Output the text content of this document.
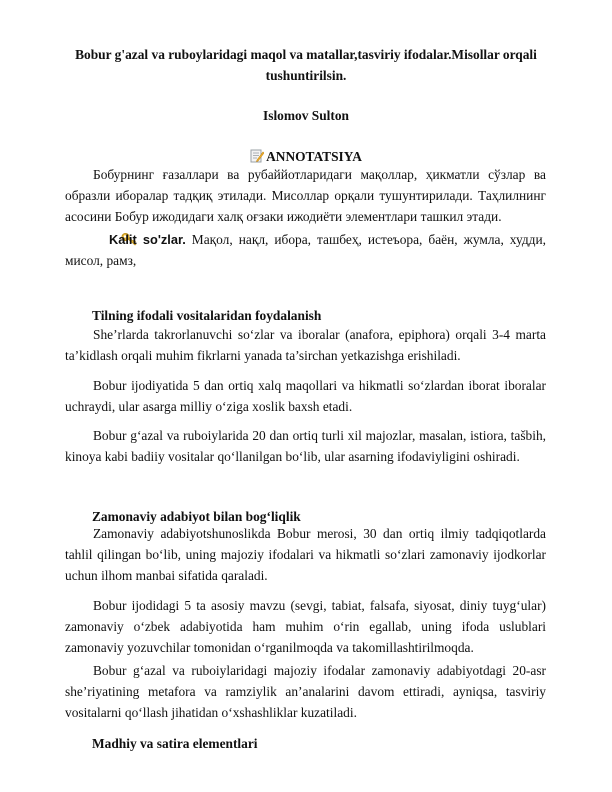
Bobur g'azal va ruboylaridagi maqol va matallar,tasviriy ifodalar.Misollar orqali tushuntirilsin.
Islomov Sulton
ANNOTATSIYA

Бобурнинг ғазаллари ва рубаййотларидаги мақоллар, ҳикматли сўзлар ва образли иборалар тадқиқ этилади. Мисоллар орқали тушунтирилади. Таҳлилнинг асосини Бобур ижодидаги халқ оғзаки ижодиёти элементлари ташкил этади.

Kalit so'zlar. Мақол, нақл, ибора, ташбеҳ, истеъора, баён, жумла, худди, мисол, рамз,

Tilning ifodali vositalaridan foydalanish

She’rlarda takrorlanuvchi so‘zlar va iboralar (anafora, epiphora) orqali 3-4 marta ta’kidlash orqali muhim fikrlarni yanada ta’sirchan yetkazishga erishiladi.

Bobur ijodiyatida 5 dan ortiq xalq maqollari va hikmatli so‘zlardan iborat iboralar uchraydi, ular asarga milliy o‘ziga xoslik baxsh etadi.

Bobur g‘azal va ruboiylarida 20 dan ortiq turli xil majozlar, masalan, istiora, tašbih, kinoya kabi badiiy vositalar qo‘llanilgan bo‘lib, ular asarning ifodaviyligini oshiradi.

Zamonaviy adabiyot bilan bog‘liqlik

Zamonaviy adabiyotshunoslikda Bobur merosi, 30 dan ortiq ilmiy tadqiqotlarda tahlil qilingan bo‘lib, uning majoziy ifodalari va hikmatli so‘zlari zamonaviy ijodkorlar uchun ilhom manbai sifatida qaraladi.

Bobur ijodidagi 5 ta asosiy mavzu (sevgi, tabiat, falsafa, siyosat, diniy tuyg‘ular) zamonaviy o‘zbek adabiyotida ham muhim o‘rin egallab, uning ifoda uslublari zamonaviy yozuvchilar tomonidan o‘rganilmoqda va takomillashtirilmoqda.

Bobur g‘azal va ruboiylaridagi majoziy ifodalar zamonaviy adabiyotdagi 20-asr she’riyatining metafora va ramziylik an’analarini davom ettiradi, ayniqsa, tasviriy vositalarni qo‘llash jihatidan o‘xshashliklar kuzatiladi.

Madhiy va satira elementlari
